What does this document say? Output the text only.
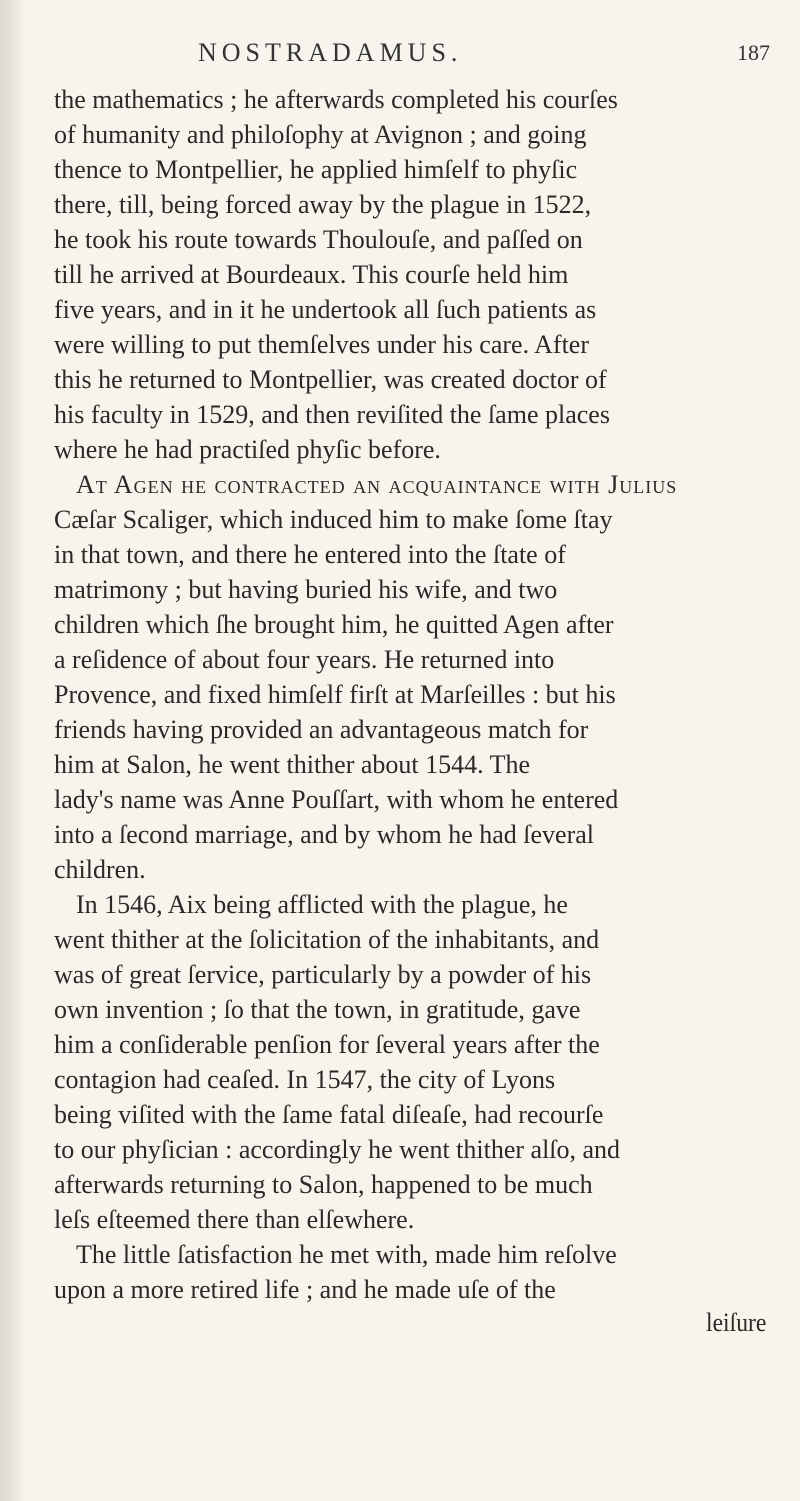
NOSTRADAMUS.	187
the mathematics ; he afterwards completed his courſes
of humanity and philoſophy at Avignon ; and going
thence to Montpellier, he applied himſelf to phyſic
there, till, being forced away by the plague in 1522,
he took his route towards Thoulouſe, and paſſed on
till he arrived at Bourdeaux. This courſe held him
five years, and in it he undertook all ſuch patients as
were willing to put themſelves under his care. After
this he returned to Montpellier, was created doctor of
his faculty in 1529, and then reviſited the ſame places
where he had practiſed phyſic before.
At Agen he contracted an acquaintance with Julius
Cæſar Scaliger, which induced him to make ſome ſtay
in that town, and there he entered into the ſtate of
matrimony ; but having buried his wife, and two
children which ſhe brought him, he quitted Agen after
a reſidence of about four years. He returned into
Provence, and fixed himſelf firſt at Marſeilles : but his
friends having provided an advantageous match for
him at Salon, he went thither about 1544. The
lady's name was Anne Pouſſart, with whom he entered
into a ſecond marriage, and by whom he had ſeveral
children.
In 1546, Aix being afflicted with the plague, he
went thither at the ſolicitation of the inhabitants, and
was of great ſervice, particularly by a powder of his
own invention ; ſo that the town, in gratitude, gave
him a conſiderable penſion for ſeveral years after the
contagion had ceaſed. In 1547, the city of Lyons
being viſited with the ſame fatal diſeaſe, had recourſe
to our phyſician : accordingly he went thither alſo, and
afterwards returning to Salon, happened to be much
leſs eſteemed there than elſewhere.
The little ſatisfaction he met with, made him reſolve
upon a more retired life ; and he made uſe of the
leiſure
